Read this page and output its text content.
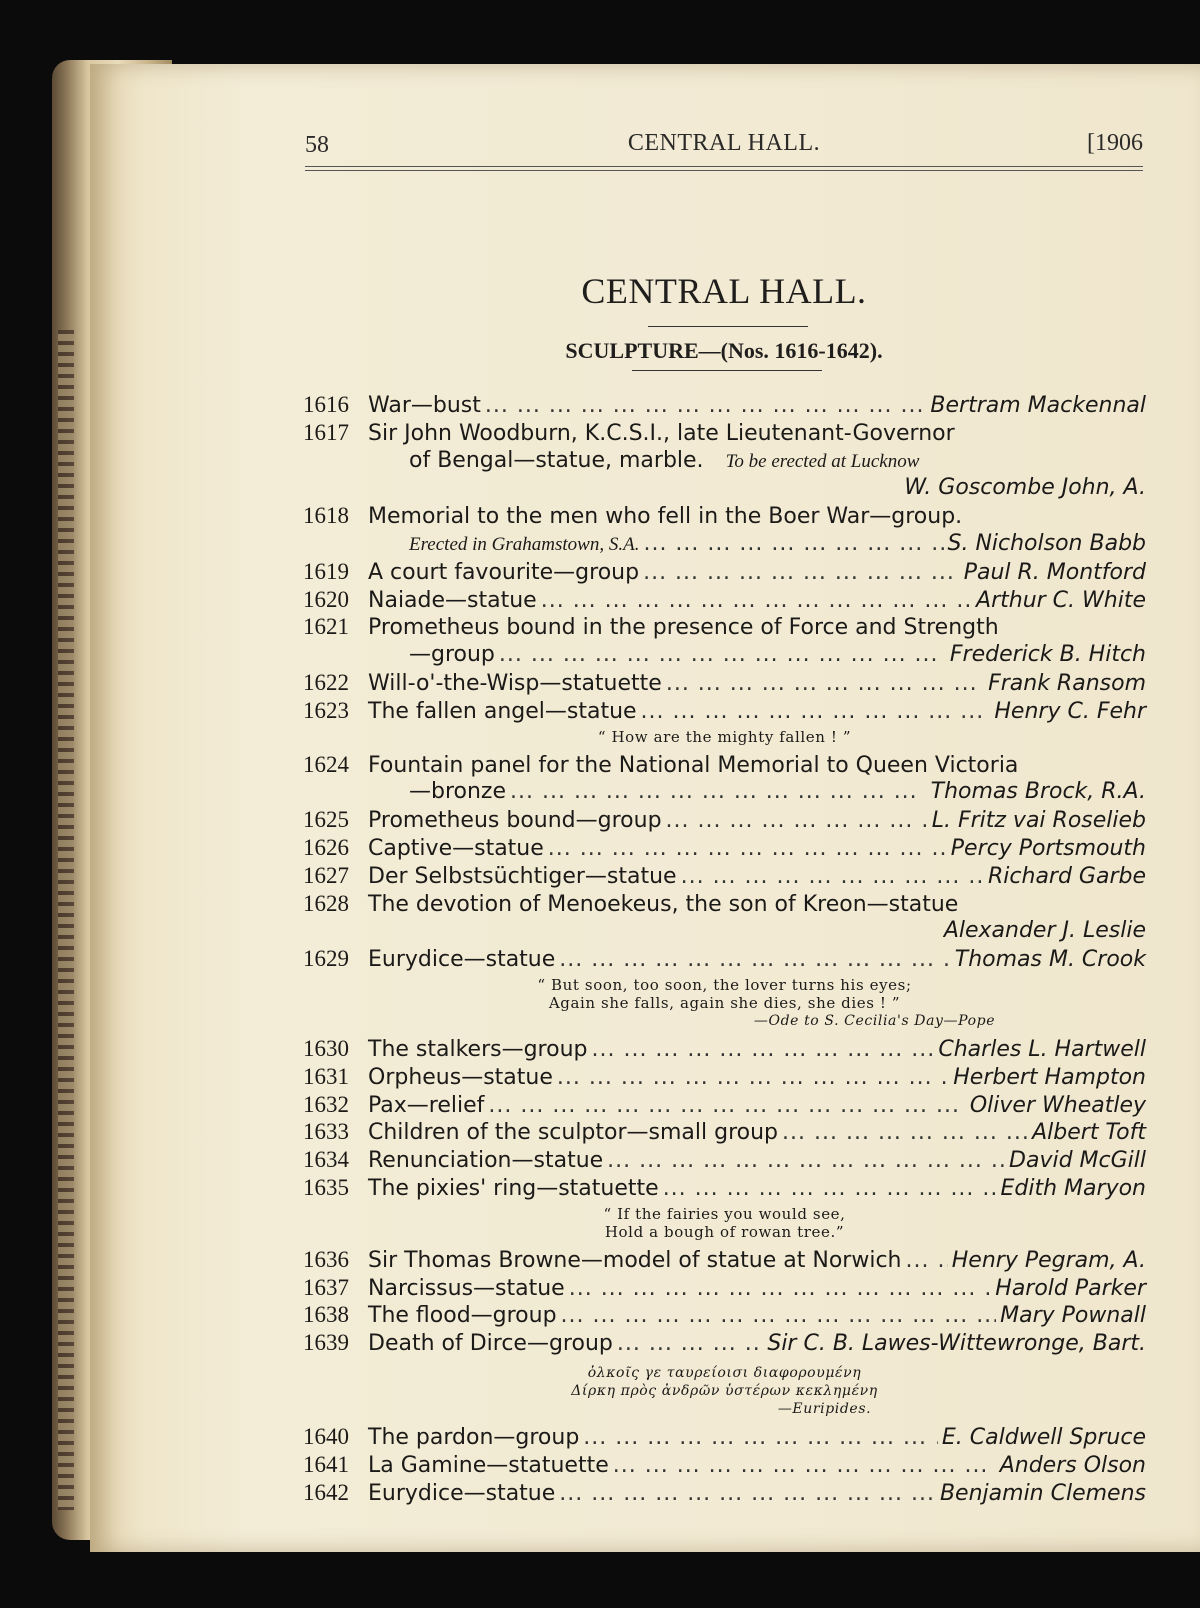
58	CENTRAL HALL.	[1906
CENTRAL HALL.
SCULPTURE—(Nos. 1616-1642).
1616 War—bust ...	Bertram Mackennal
1617 Sir John Woodburn, K.C.S.I., late Lieutenant-Governor
of Bengal—statue, marble. To be erected at Lucknow
W. Goscombe John, A.
1618 Memorial to the men who fell in the Boer War—group.
Erected in Grahamstown, S.A. ...	S. Nicholson Babb
1619 A court favourite—group ...	Paul R. Montford
1620 Naiade—statue ...	Arthur C. White
1621 Prometheus bound in the presence of Force and Strength
—group ...	Frederick B. Hitch
1622 Will-o'-the-Wisp—statuette ...	Frank Ransom
1623 The fallen angel—statue ...	Henry C. Fehr
“ How are the mighty fallen ! ”
1624 Fountain panel for the National Memorial to Queen Victoria
—bronze ...	Thomas Brock, R.A.
1625 Prometheus bound—group ...	L. Fritz vai Roselieb
1626 Captive—statue ...	Percy Portsmouth
1627 Der Selbstsüchtiger—statue ...	Richard Garbe
1628 The devotion of Menoekeus, the son of Kreon—statue
Alexander J. Leslie
1629 Eurydice—statue ...	Thomas M. Crook
“ But soon, too soon, the lover turns his eyes;
Again she falls, again she dies, she dies ! ”
—Ode to S. Cecilia's Day—Pope
1630 The stalkers—group ...	Charles L. Hartwell
1631 Orpheus—statue ...	Herbert Hampton
1632 Pax—relief ...	Oliver Wheatley
1633 Children of the sculptor—small group ...	Albert Toft
1634 Renunciation—statue ...	David McGill
1635 The pixies' ring—statuette ...	Edith Maryon
“ If the fairies you would see,
Hold a bough of rowan tree.”
1636 Sir Thomas Browne—model of statue at Norwich ... Henry Pegram, A.
1637 Narcissus—statue ...	Harold Parker
1638 The flood—group ...	Mary Pownall
1639 Death of Dirce—group ...	Sir C. B. Lawes-Wittewronge, Bart.
ὁλκοῖς γε ταυρείοισι διαφορουμένη
Δίρκη πρὸς ἀνδρῶν ὑστέρων κεκλημένη
—Euripides.
1640 The pardon—group ...	E. Caldwell Spruce
1641 La Gamine—statuette ...	Anders Olson
1642 Eurydice—statue ...	Benjamin Clemens
